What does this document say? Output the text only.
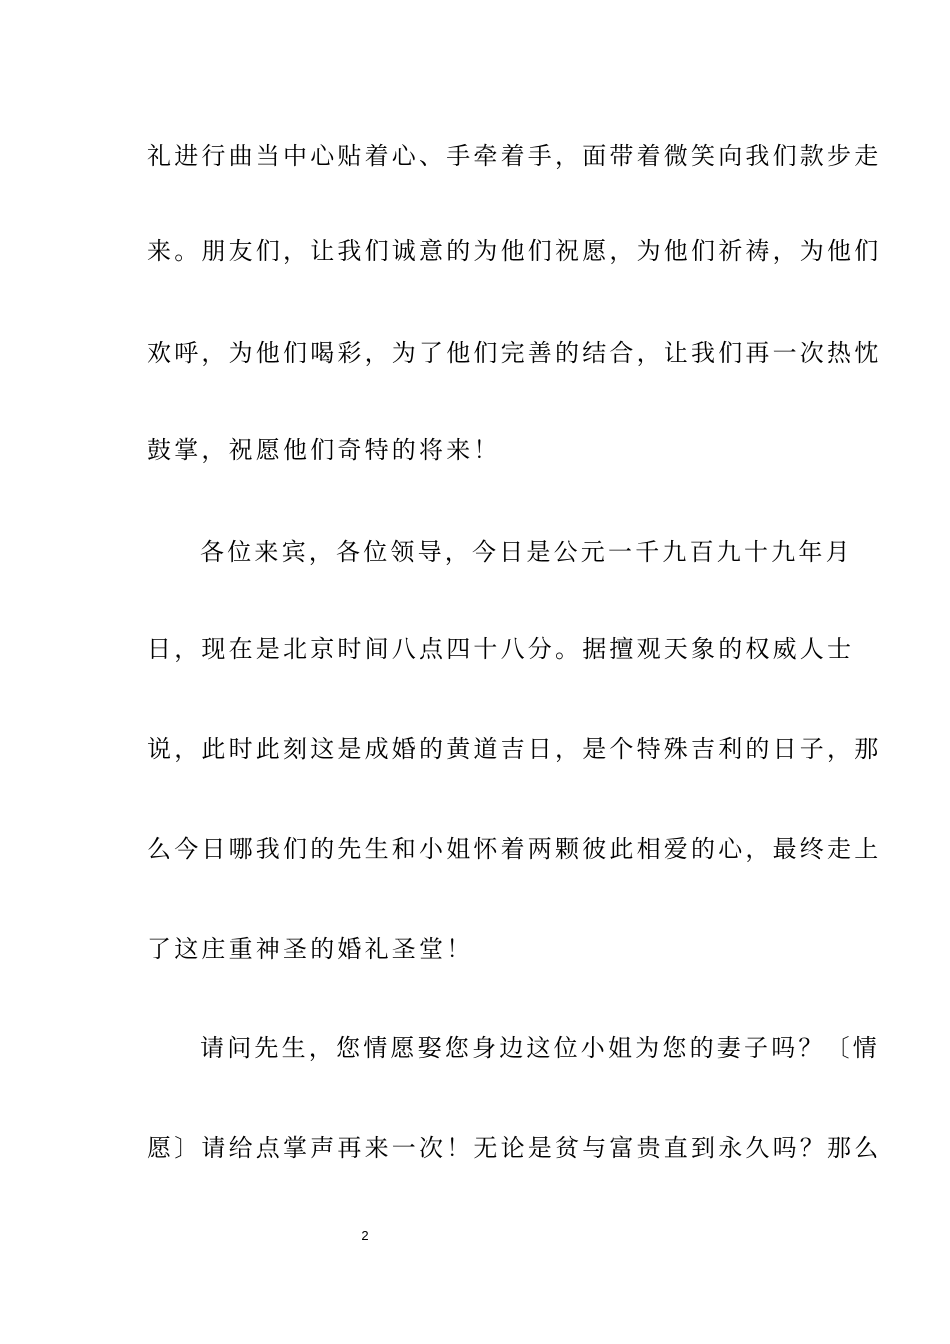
礼进行曲当中心贴着心、手牵着手，面带着微笑向我们款步走
来。朋友们，让我们诚意的为他们祝愿，为他们祈祷，为他们
欢呼，为他们喝彩，为了他们完善的结合，让我们再一次热忱
鼓掌，祝愿他们奇特的将来！
各位来宾，各位领导，今日是公元一千九百九十九年月
日，现在是北京时间八点四十八分。据擅观天象的权威人士
说，此时此刻这是成婚的黄道吉日，是个特殊吉利的日子，那
么今日哪我们的先生和小姐怀着两颗彼此相爱的心，最终走上
了这庄重神圣的婚礼圣堂！
请问先生，您情愿娶您身边这位小姐为您的妻子吗？〔情
愿〕请给点掌声再来一次！无论是贫与富贵直到永久吗？那么
2
